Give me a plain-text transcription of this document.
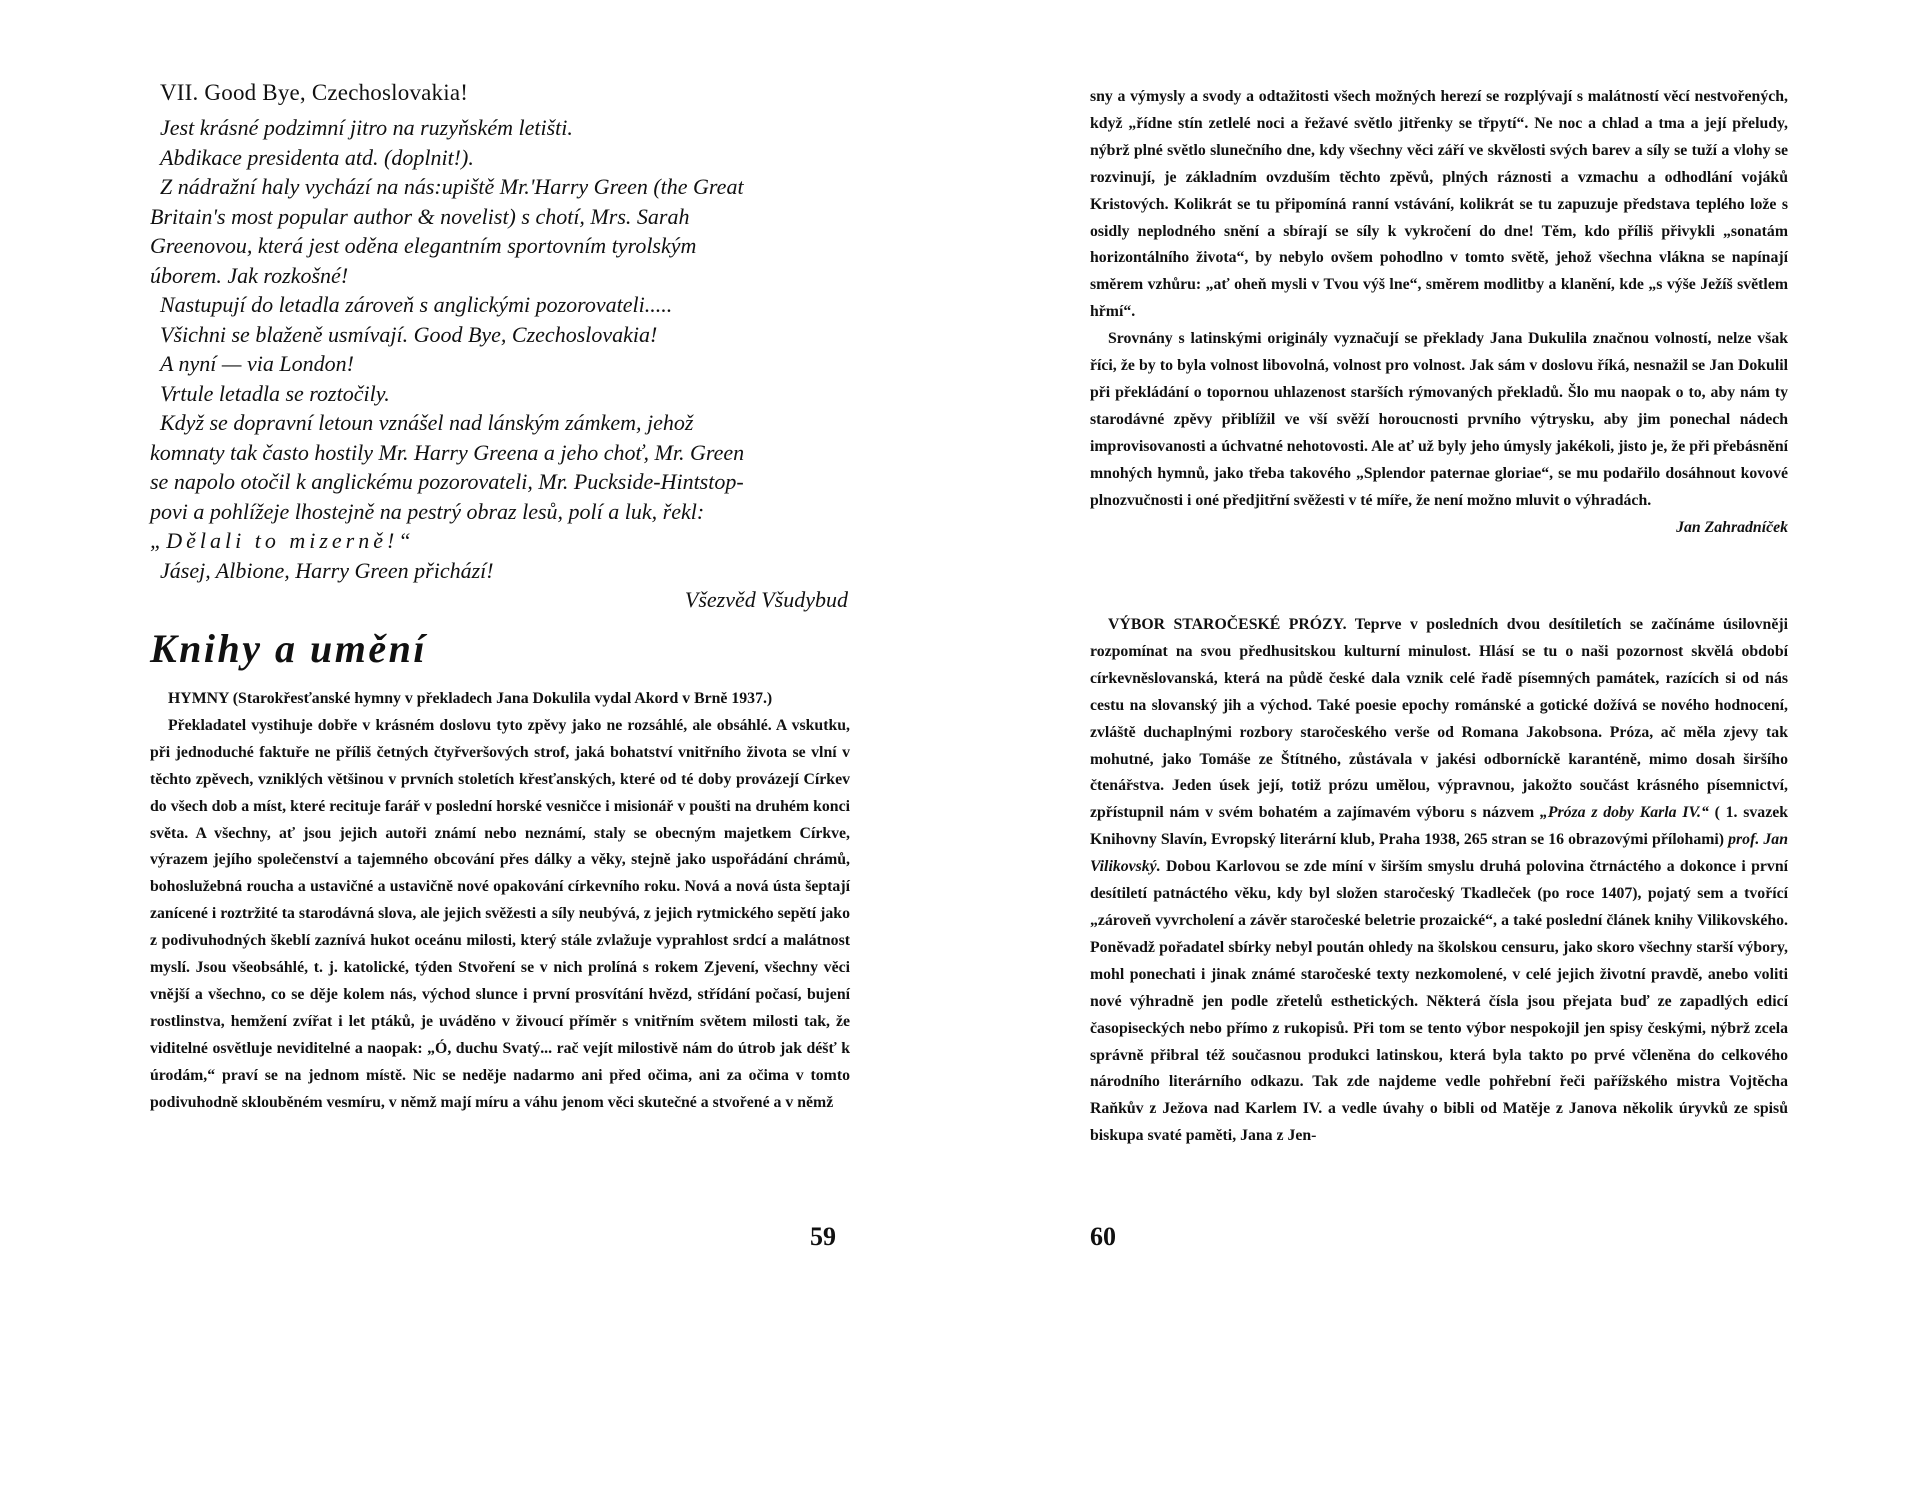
VII. Good Bye, Czechoslovakia!
Jest krásné podzimní jitro na ruzyňském letišti.
Abdikace presidenta atd. (doplnit!).
Z nádražní haly vychází na nás:upiště Mr.'Harry Green (the Great
Britain's most popular author & novelist) s chotí, Mrs. Sarah
Greenovou, která jest oděna elegantním sportovním tyrolským
úborem. Jak rozkošné!
Nastupují do letadla zároveň s anglickými pozorovateli.....
Všichni se blaženě usmívají. Good Bye, Czechoslovakia!
A nyní — via London!
Vrtule letadla se roztočily.
Když se dopravní letoun vznášel nad lánským zámkem, jehož
komnaty tak často hostily Mr. Harry Greena a jeho choť, Mr. Green
se napolo otočil k anglickému pozorovateli, Mr. Puckside-Hintstop-
povi a pohlížeje lhostejně na pestrý obraz lesů, polí a luk, řekl:
„Dělali to mizerně!“
Jásej, Albione, Harry Green přichází!
Všezvěd Všudybud
Knihy a umění

HYMNY (Starokřesťanské hymny v překladech Jana Dokulila vydal Akord v Brně 1937.)

Překladatel vystihuje dobře v krásném doslovu tyto zpěvy jako ne rozsáhlé, ale obsáhlé. A vskutku, při jednoduché faktuře ne příliš četných čtyřveršových strof, jaká bohatství vnitřního života se vlní v těchto zpěvech, vzniklých většinou v prvních stoletích křesťanských, které od té doby provázejí Církev do všech dob a míst, které recituje farář v poslední horské vesničce i misionář v poušti na druhém konci světa. A všechny, ať jsou jejich autoři známí nebo neznámí, staly se obecným majetkem Církve, výrazem jejího společenství a tajemného obcování přes dálky a věky, stejně jako uspořádání chrámů, bohoslužebná roucha a ustavičné a ustavičně nové opakování církevního roku. Nová a nová ústa šeptají zanícené i roztržité ta starodávná slova, ale jejich svěžesti a síly neubývá, z jejich rytmického sepětí jako z podivuhodných škeblí zaznívá hukot oceánu milosti, který stále zvlažuje vyprahlost srdcí a malátnost myslí. Jsou všeobsáhlé, t. j. katolické, týden Stvoření se v nich prolíná s rokem Zjevení, všechny věci vnější a všechno, co se děje kolem nás, východ slunce i první prosvítání hvězd, střídání počasí, bujení rostlinstva, hemžení zvířat i let ptáků, je uváděno v živoucí příměr s vnitřním světem milosti tak, že viditelné osvětluje neviditelné a naopak: „Ó, duchu Svatý... rač vejít milostivě nám do útrob jak déšť k úrodám,“ praví se na jednom místě. Nic se neděje nadarmo ani před očima, ani za očima v tomto podivuhodně sklouběném vesmíru, v němž mají míru a váhu jenom věci skutečné a stvořené a v němž

59

sny a výmysly a svody a odtažitosti všech možných herezí se rozplývají s malátností věcí nestvořených, když „řídne stín zetlelé noci a řežavé světlo jitřenky se třpytí“. Ne noc a chlad a tma a její přeludy, nýbrž plné světlo slunečního dne, kdy všechny věci září ve skvělosti svých barev a síly se tuží a vlohy se rozvinují, je základním ovzduším těchto zpěvů, plných ráznosti a vzmachu a odhodlání vojáků Kristových. Kolikrát se tu připomíná ranní vstávání, kolikrát se tu zapuzuje představa teplého lože s osidly neplodného snění a sbírají se síly k vykročení do dne! Těm, kdo příliš přivykli „sonatám horizontálního života“, by nebylo ovšem pohodlno v tomto světě, jehož všechna vlákna se napínají směrem vzhůru: „ať oheň mysli v Tvou výš lne“, směrem modlitby a klanění, kde „s výše Ježíš světlem hřmí“.

Srovnány s latinskými originály vyznačují se překlady Jana Dukulila značnou volností, nelze však říci, že by to byla volnost libovolná, volnost pro volnost. Jak sám v doslovu říká, nesnažil se Jan Dokulil při překládání o topornou uhlazenost starších rýmovaných překladů. Šlo mu naopak o to, aby nám ty starodávné zpěvy přiblížil ve vší svěží horoucnosti prvního výtrysku, aby jim ponechal nádech improvisovanosti a úchvatné nehotovosti. Ale ať už byly jeho úmysly jakékoli, jisto je, že při přebásnění mnohých hymnů, jako třeba takového „Splendor paternae gloriae“, se mu podařilo dosáhnout kovové plnozvučnosti i oné předjitřní svěžesti v té míře, že není možno mluvit o výhradách.

Jan Zahradníček

VÝBOR STAROČESKÉ PRÓZY. Teprve v posledních dvou desítiletích se začínáme úsilovněji rozpomínat na svou předhusitskou kulturní minulost. Hlásí se tu o naši pozornost skvělá období církevněslovanská, která na půdě české dala vznik celé řadě písemných památek, razících si od nás cestu na slovanský jih a východ. Také poesie epochy románské a gotické dožívá se nového hodnocení, zvláště duchaplnými rozbory staročeského verše od Romana Jakobsona. Próza, ač měla zjevy tak mohutné, jako Tomáše ze Štítného, zůstávala v jakési odborníckě karanténě, mimo dosah širšího čtenářstva. Jeden úsek její, totiž prózu umělou, výpravnou, jakožto součást krásného písemnictví, zpřístupnil nám v svém bohatém a zajímavém výboru s názvem „Próza z doby Karla IV.“ ( 1. svazek Knihovny Slavín, Evropský literární klub, Praha 1938, 265 stran se 16 obrazovými přílohami) prof. Jan Vilikovský. Dobou Karlovou se zde míní v širším smyslu druhá polovina čtrnáctého a dokonce i první desítiletí patnáctého věku, kdy byl složen staročeský Tkadleček (po roce 1407), pojatý sem a tvořící „zároveň vyvrcholení a závěr staročeské beletrie prozaické“, a také poslední článek knihy Vilikovského. Poněvadž pořadatel sbírky nebyl poután ohledy na školskou censuru, jako skoro všechny starší výbory, mohl ponechati i jinak známé staročeské texty nezkomolené, v celé jejich životní pravdě, anebo voliti nové výhradně jen podle zřetelů esthetických. Některá čísla jsou přejata buď ze zapadlých edicí časopiseckých nebo přímo z rukopisů. Při tom se tento výbor nespokojil jen spisy českými, nýbrž zcela správně přibral též současnou produkci latinskou, která byla takto po prvé včleněna do celkového národního literárního odkazu. Tak zde najdeme vedle pohřební řeči pařížského mistra Vojtěcha Raňkův z Ježova nad Karlem IV. a vedle úvahy o bibli od Matěje z Janova několik úryvků ze spisů biskupa svaté paměti, Jana z Jen-

60
